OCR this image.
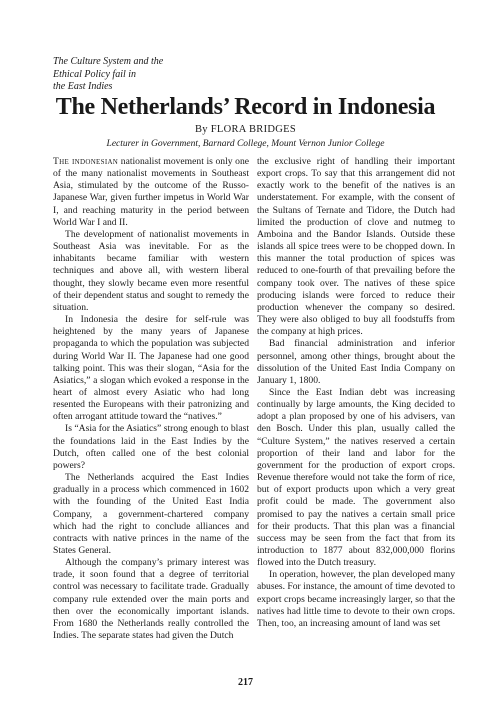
The Culture System and the
Ethical Policy fail in
the East Indies
The Netherlands’ Record in Indonesia
By FLORA BRIDGES
Lecturer in Government, Barnard College, Mount Vernon Junior College

The indonesian nationalist movement is only one of the many nationalist movements in Southeast Asia, stimulated by the outcome of the Russo-Japanese War, given further impetus in World War I, and reaching maturity in the period between World War I and II.

The development of nationalist movements in Southeast Asia was inevitable. For as the inhabitants became familiar with western techniques and above all, with western liberal thought, they slowly became even more resentful of their dependent status and sought to remedy the situation.

In Indonesia the desire for self-rule was heightened by the many years of Japanese propaganda to which the population was subjected during World War II. The Japanese had one good talking point. This was their slogan, “Asia for the Asiatics,” a slogan which evoked a response in the heart of almost every Asiatic who had long resented the Europeans with their patronizing and often arrogant attitude toward the “natives.”

Is “Asia for the Asiatics” strong enough to blast the foundations laid in the East Indies by the Dutch, often called one of the best colonial powers?

The Netherlands acquired the East Indies gradually in a process which commenced in 1602 with the founding of the United East India Company, a government-chartered company which had the right to conclude alliances and contracts with native princes in the name of the States General.

Although the company’s primary interest was trade, it soon found that a degree of territorial control was necessary to facilitate trade. Gradually company rule extended over the main ports and then over the economically important islands. From 1680 the Netherlands really controlled the Indies. The separate states had given the Dutch

the exclusive right of handling their important export crops. To say that this arrangement did not exactly work to the benefit of the natives is an understatement. For example, with the consent of the Sultans of Ternate and Tidore, the Dutch had limited the production of clove and nutmeg to Amboina and the Bandor Islands. Outside these islands all spice trees were to be chopped down. In this manner the total production of spices was reduced to one-fourth of that prevailing before the company took over. The natives of these spice producing islands were forced to reduce their production whenever the company so desired. They were also obliged to buy all foodstuffs from the company at high prices.

Bad financial administration and inferior personnel, among other things, brought about the dissolution of the United East India Company on January 1, 1800.

Since the East Indian debt was increasing continually by large amounts, the King decided to adopt a plan proposed by one of his advisers, van den Bosch. Under this plan, usually called the “Culture System,” the natives reserved a certain proportion of their land and labor for the government for the production of export crops. Revenue therefore would not take the form of rice, but of export products upon which a very great profit could be made. The government also promised to pay the natives a certain small price for their products. That this plan was a financial success may be seen from the fact that from its introduction to 1877 about 832,000,000 florins flowed into the Dutch treasury.

In operation, however, the plan developed many abuses. For instance, the amount of time devoted to export crops became increasingly larger, so that the natives had little time to devote to their own crops. Then, too, an increasing amount of land was set

217
